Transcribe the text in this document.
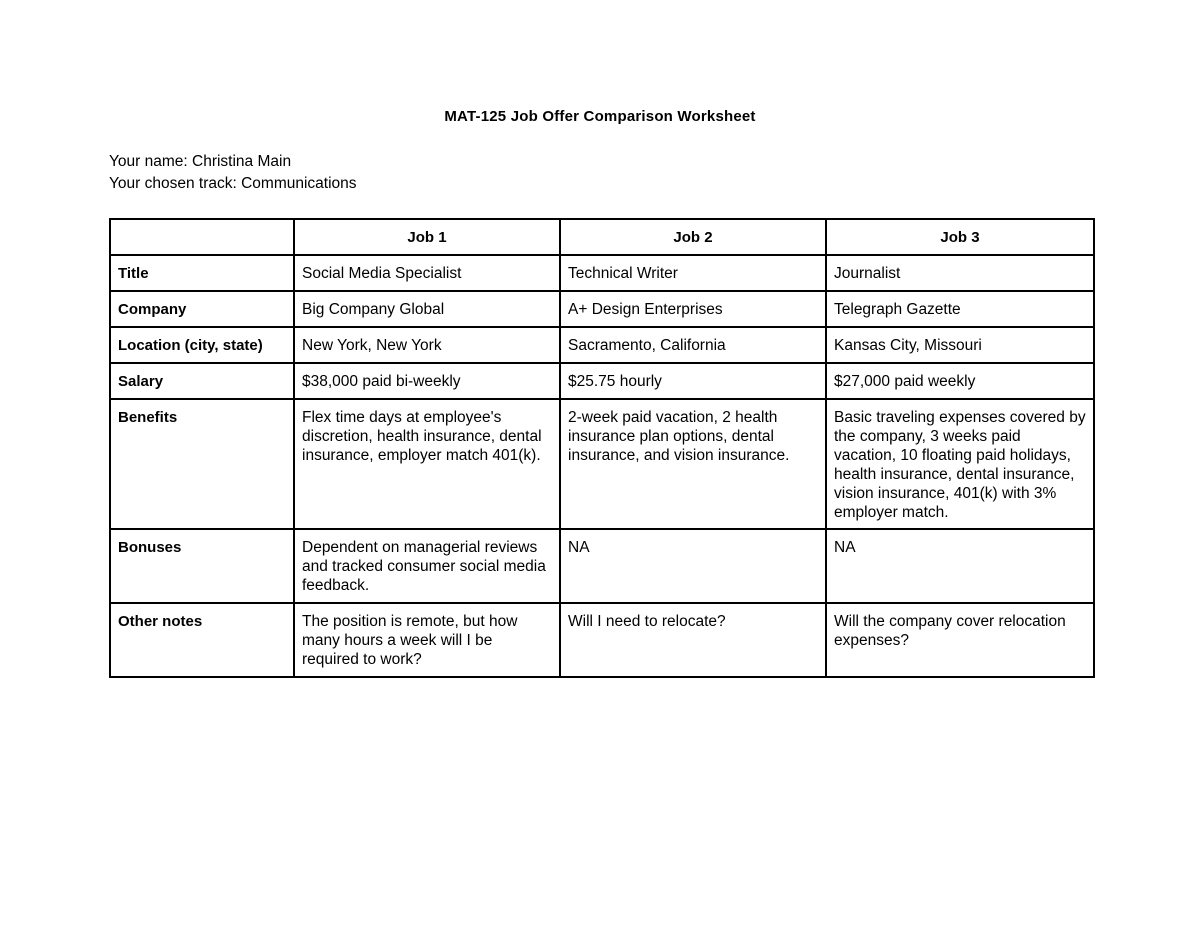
MAT-125 Job Offer Comparison Worksheet
Your name: Christina Main
Your chosen track: Communications
	Job 1	Job 2	Job 3
Title	Social Media Specialist	Technical Writer	Journalist
Company	Big Company Global	A+ Design Enterprises	Telegraph Gazette
Location (city, state)	New York, New York	Sacramento, California	Kansas City, Missouri
Salary	$38,000 paid bi-weekly	$25.75 hourly	$27,000 paid weekly
Benefits	Flex time days at employee's discretion, health insurance, dental insurance, employer match 401(k).	2-week paid vacation, 2 health insurance plan options, dental insurance, and vision insurance.	Basic traveling expenses covered by the company, 3 weeks paid vacation, 10 floating paid holidays, health insurance, dental insurance, vision insurance, 401(k) with 3% employer match.
Bonuses	Dependent on managerial reviews and tracked consumer social media feedback.	NA	NA
Other notes	The position is remote, but how many hours a week will I be required to work?	Will I need to relocate?	Will the company cover relocation expenses?
